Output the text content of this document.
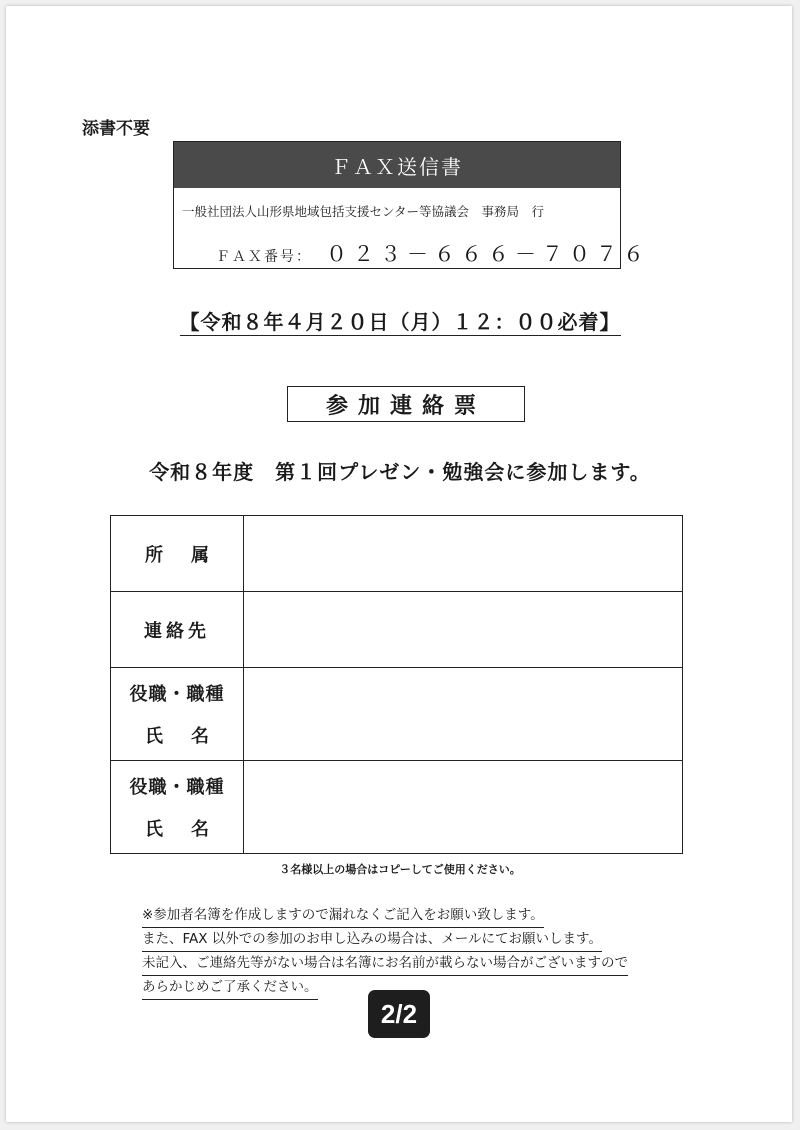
添書不要
ＦＡＸ送信書
一般社団法人山形県地域包括支援センター等協議会　事務局　行
ＦＡＸ番号： ０２３－６６６－７０７６
【令和８年４月２０日（月）１２：００必着】
参加連絡票
令和８年度　第１回プレゼン・勉強会に参加します。
所属	

連絡先	

役職・職種
氏名	

役職・職種
氏名	

３名様以上の場合はコピーしてご使用ください。
※参加者名簿を作成しますので漏れなくご記入をお願い致します。
また、FAX 以外での参加のお申し込みの場合は、メールにてお願いします。
未記入、ご連絡先等がない場合は名簿にお名前が載らない場合がございますので
あらかじめご了承ください。
2/2
